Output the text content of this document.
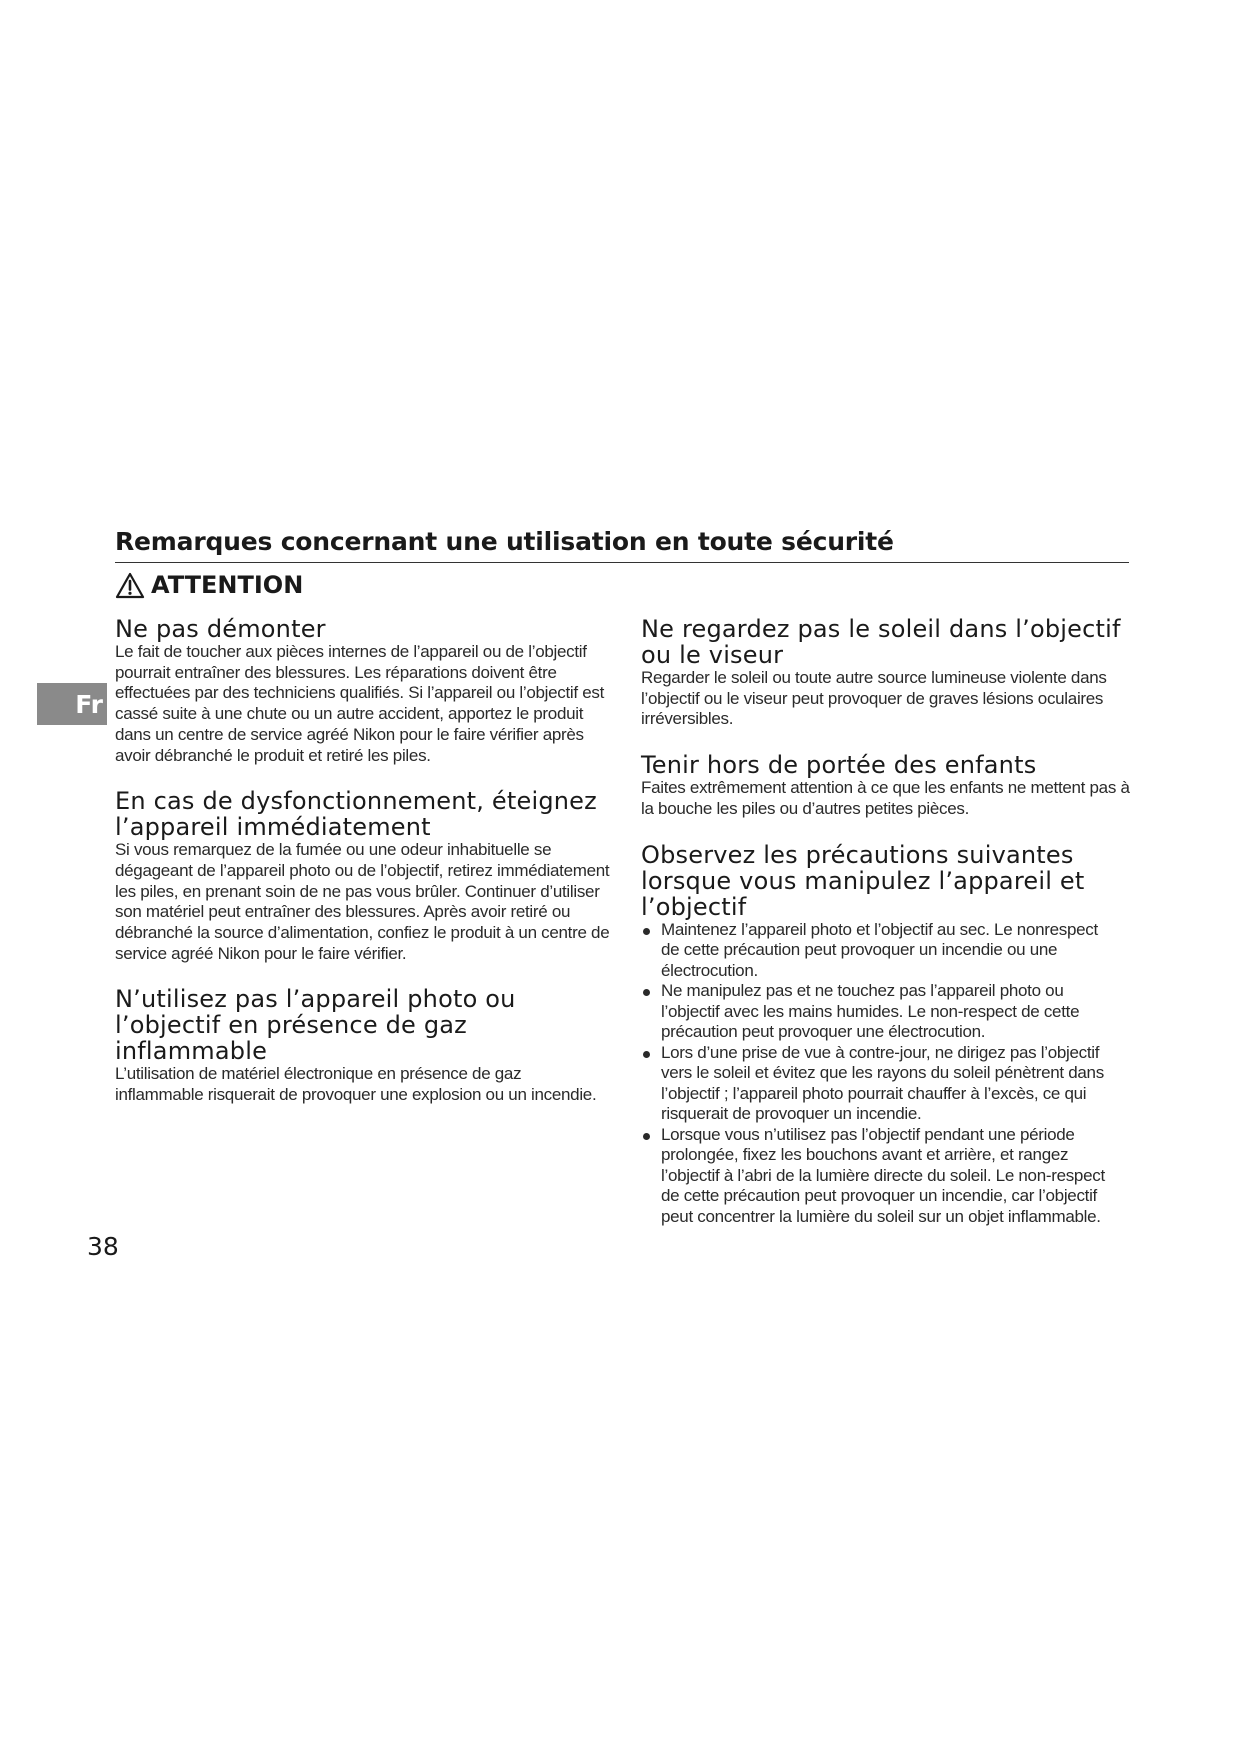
Remarques concernant une utilisation en toute sécurité
ATTENTION
Fr
Ne pas démonter

Le fait de toucher aux pièces internes de l’appareil ou de l’objectif pourrait entraîner des blessures. Les réparations doivent être effectuées par des techniciens qualifiés. Si l’appareil ou l’objectif est cassé suite à une chute ou un autre accident, apportez le produit dans un centre de service agréé Nikon pour le faire vérifier après avoir débranché le produit et retiré les piles.

En cas de dysfonctionnement, éteignez l’appareil immédiatement

Si vous remarquez de la fumée ou une odeur inhabituelle se dégageant de l’appareil photo ou de l’objectif, retirez immédiatement les piles, en prenant soin de ne pas vous brûler. Continuer d’utiliser son matériel peut entraîner des blessures. Après avoir retiré ou débranché la source d’alimentation, confiez le produit à un centre de service agréé Nikon pour le faire vérifier.

N’utilisez pas l’appareil photo ou l’objectif en présence de gaz inflammable

L’utilisation de matériel électronique en présence de gaz inflammable risquerait de provoquer une explosion ou un incendie.

Ne regardez pas le soleil dans l’objectif ou le viseur

Regarder le soleil ou toute autre source lumineuse violente dans l’objectif ou le viseur peut provoquer de graves lésions oculaires irréversibles.

Tenir hors de portée des enfants

Faites extrêmement attention à ce que les enfants ne mettent pas à la bouche les piles ou d’autres petites pièces.

Observez les précautions suivantes lorsque vous manipulez l’appareil et l’objectif
Maintenez l’appareil photo et l’objectif au sec. Le nonrespect de cette précaution peut provoquer un incendie ou une électrocution.
Ne manipulez pas et ne touchez pas l’appareil photo ou l’objectif avec les mains humides. Le non-respect de cette précaution peut provoquer une électrocution.
Lors d’une prise de vue à contre-jour, ne dirigez pas l’objectif vers le soleil et évitez que les rayons du soleil pénètrent dans l’objectif ; l’appareil photo pourrait chauffer à l’excès, ce qui risquerait de provoquer un incendie.
Lorsque vous n’utilisez pas l’objectif pendant une période prolongée, fixez les bouchons avant et arrière, et rangez l’objectif à l’abri de la lumière directe du soleil. Le non-respect de cette précaution peut provoquer un incendie, car l’objectif peut concentrer la lumière du soleil sur un objet inflammable.
38
